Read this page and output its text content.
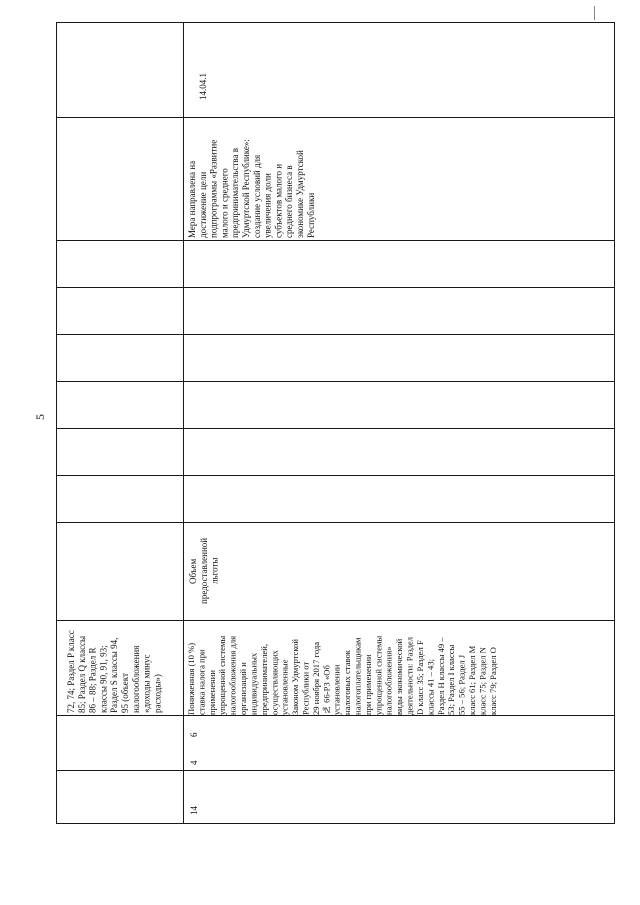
5
14
4
6
72, 74; Раздел P класс
85; Раздел Q классы
86 – 88; Раздел R
классы 90, 91, 93;
Раздел S классы 94,
95 (объект
налогообложения
«доходы минус
расходы»)	Пониженная (10 %)
ставка налога при
применении
упрощенной системы
налогообложения для
организаций и
индивидуальных
предпринимателей,
осуществляющих
установленные
Законом Удмуртской
Республики от
29 ноября 2017 года
№ 66-РЗ «Об
установлении
налоговых ставок
налогоплательщикам
при применении
упрощенной системы
налогообложения»
виды экономической
деятельности: Раздел
D класс 35; Раздел F
классы 41 – 43;
Раздел H классы 49 –
53; Раздел I классы
55 – 56; Раздел J
класс 61; Раздел M
класс 75; Раздел N
класс 79; Раздел O
Объем
предоставленной
льготы
Мера направлена на
достижение цели
подпрограммы «Развитие
малого и среднего
предпринимательства в
Удмуртской Республике»:
создание условий для
увеличения доли
субъектов малого и
среднего бизнеса в
экономике Удмуртской
Республики
14.04.1
